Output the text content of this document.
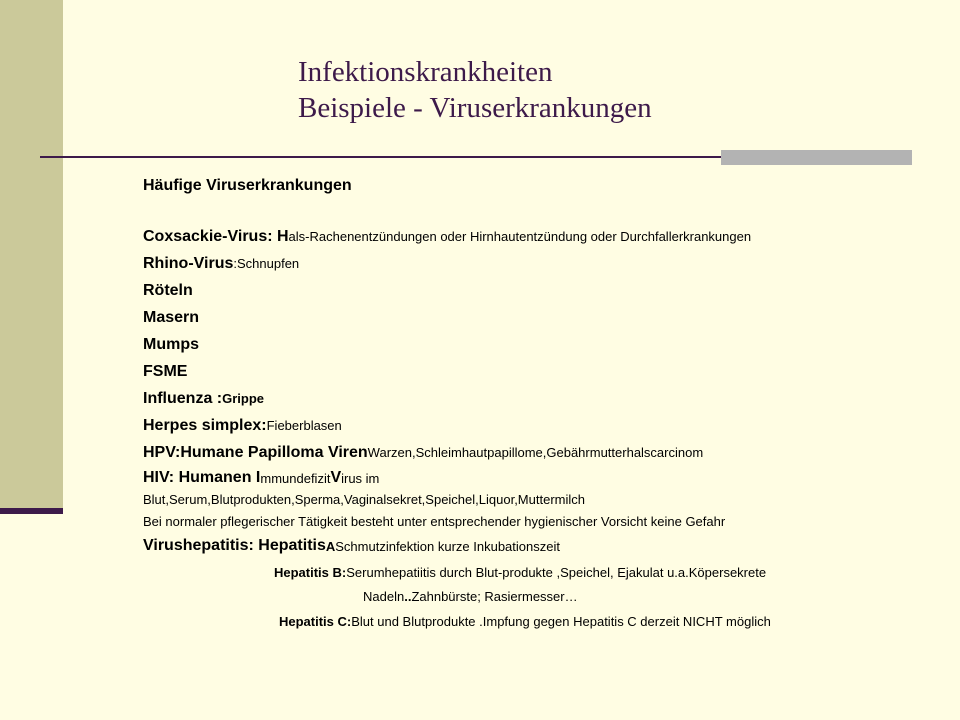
Infektionskrankheiten
Beispiele - Viruserkrankungen
Häufige Viruserkrankungen
Coxsackie-Virus: H als-Rachenentzündungen oder Hirnhautentzündung oder Durchfallerkrankungen
Rhino-Virus :Schnupfen
Röteln
Masern
Mumps
FSME
Influenza : Grippe
Herpes simplex: Fieberblasen
HPV:Humane Papilloma Viren Warzen,Schleimhautpapillome,Gebährmutterhalscarcinom
HIV: Humanen I mmundefizit V irus im
Blut,Serum,Blutprodukten,Sperma,Vaginalsekret,Speichel,Liquor,Muttermilch
Bei normaler pflegerischer Tätigkeit besteht unter entsprechender hygienischer Vorsicht keine Gefahr
Virushepatitis: Hepatitis A Schmutzinfektion kurze Inkubationszeit
Hepatitis B: Serumhepatiitis durch Blut-produkte ,Speichel, Ejakulat u.a.Köpersekrete
Nadeln .. Zahnbürste; Rasiermesser…
Hepatitis C: Blut und Blutprodukte .Impfung gegen Hepatitis C derzeit NICHT möglich
